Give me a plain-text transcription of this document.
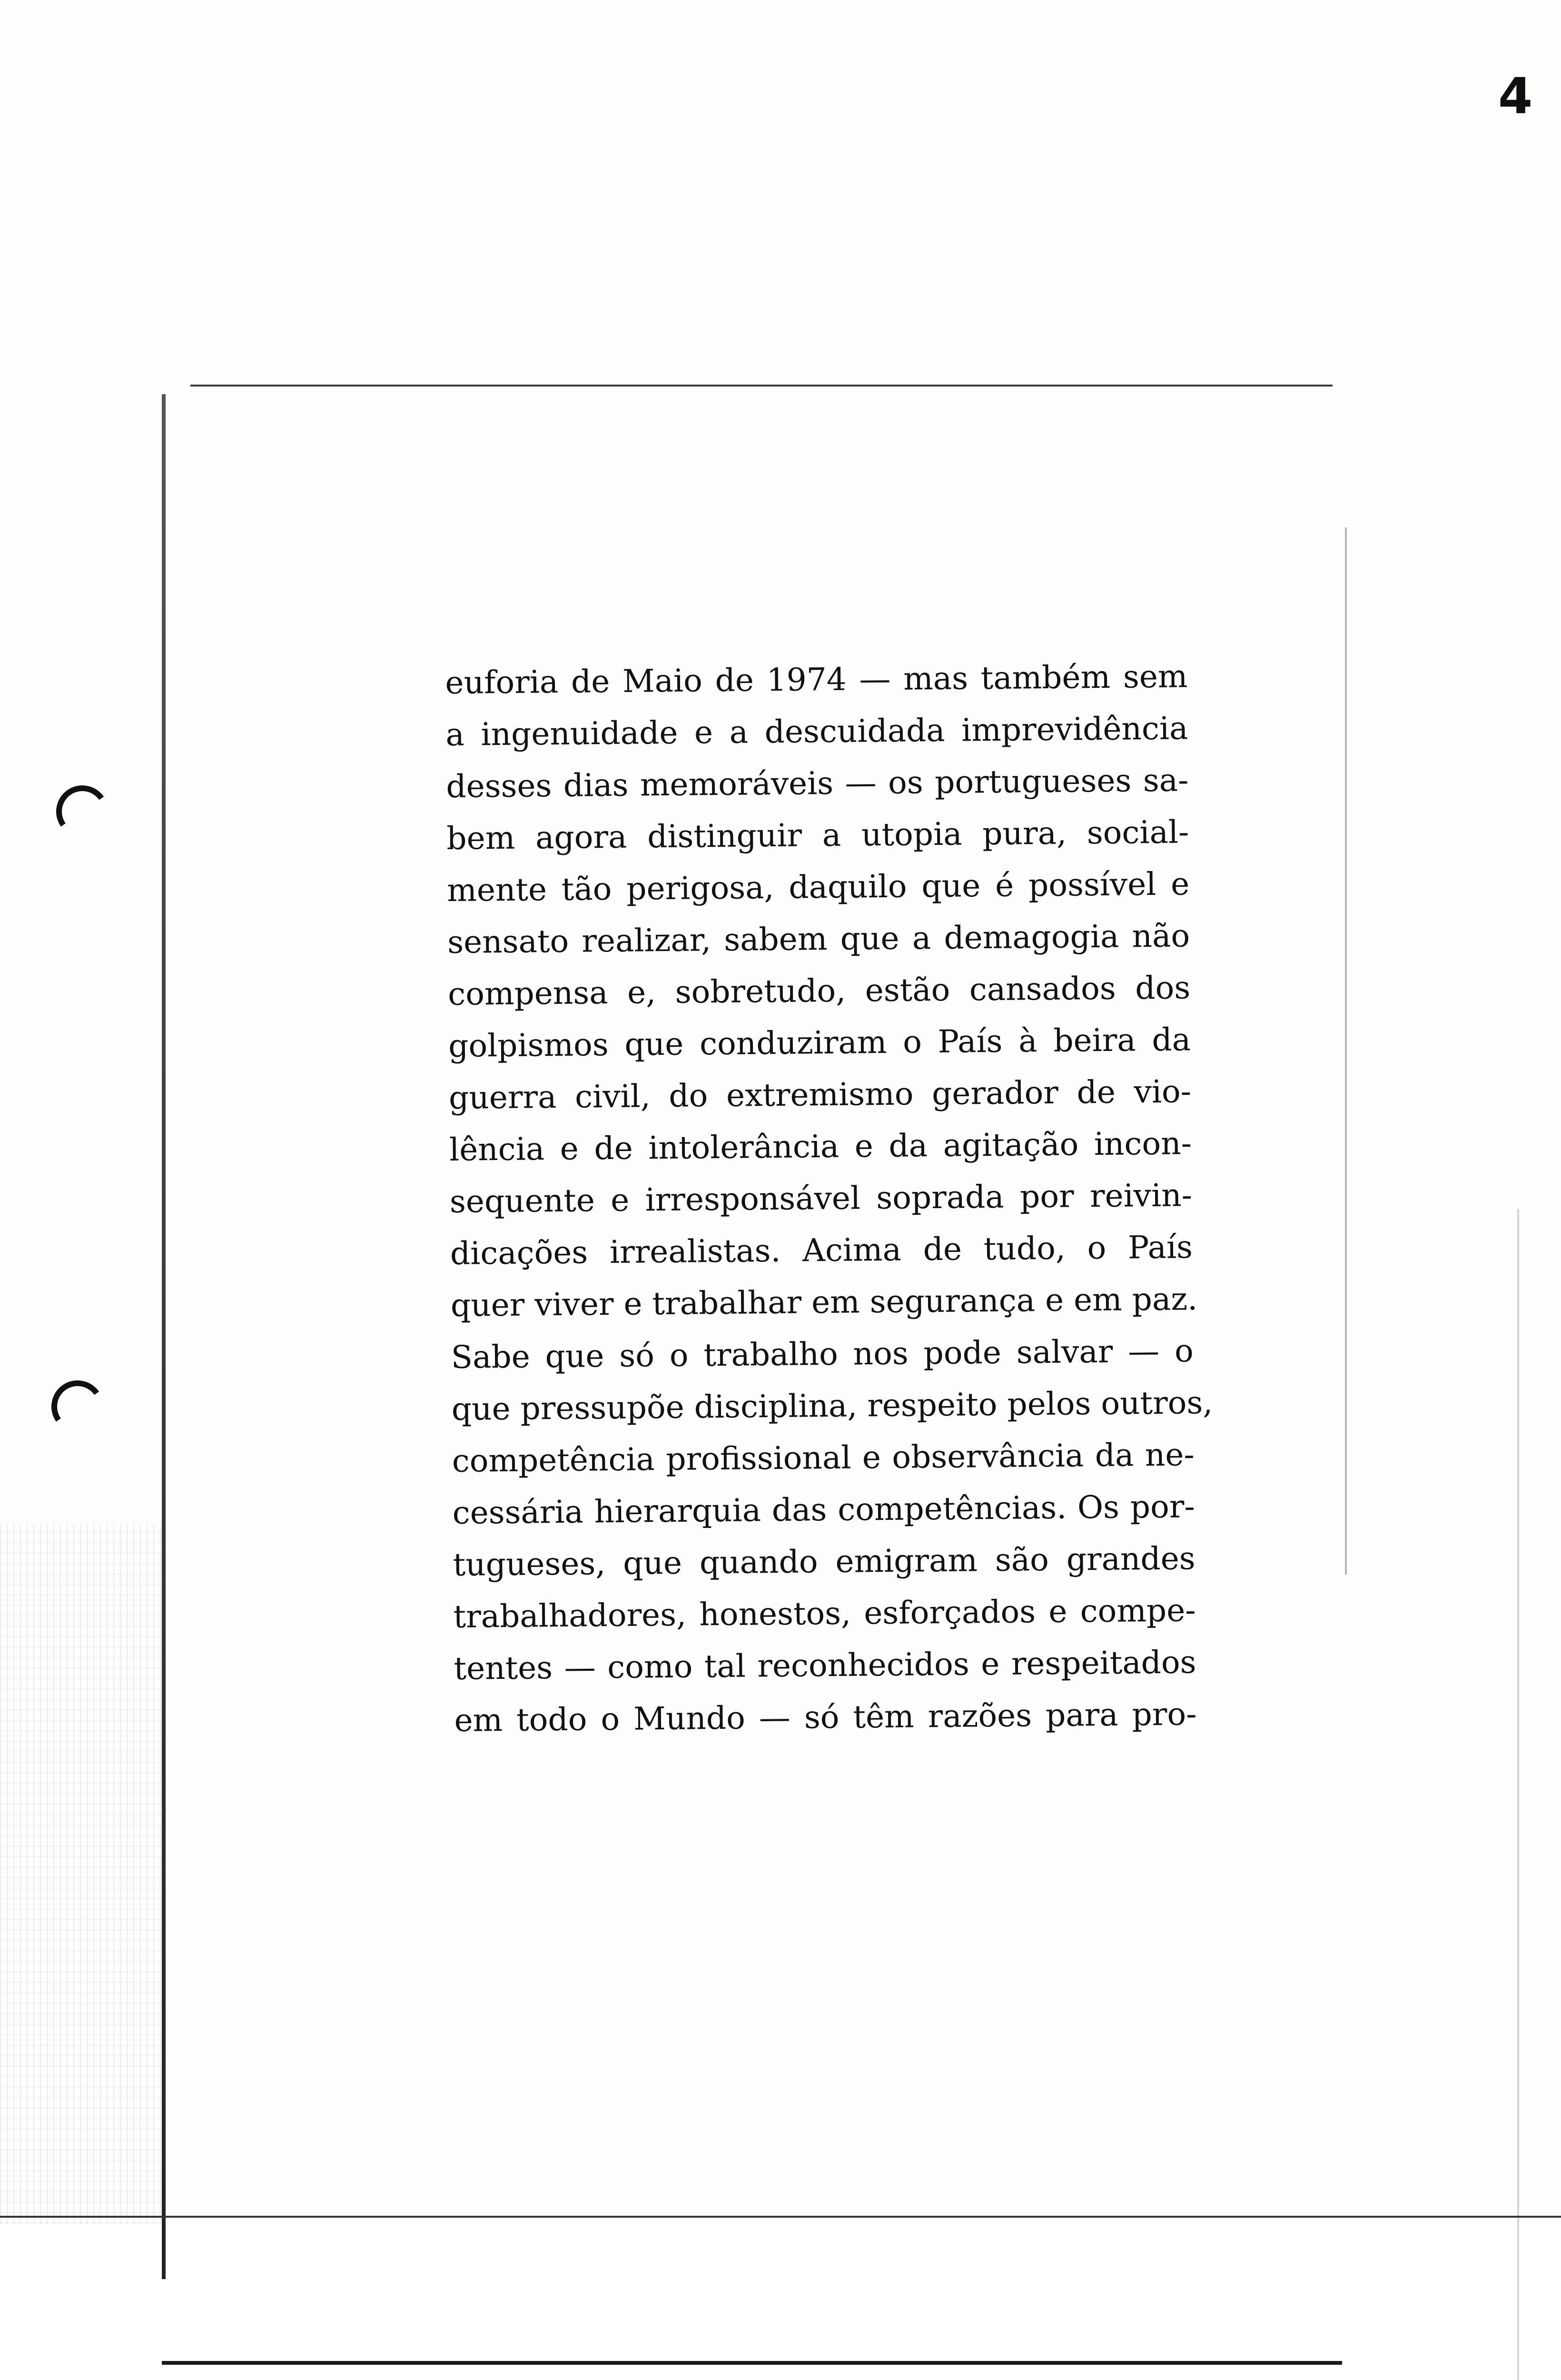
4
euforia de Maio de 1974 — mas também sem
a ingenuidade e a descuidada imprevidência
desses dias memoráveis — os portugueses sa-
bem agora distinguir a utopia pura, social-
mente tão perigosa, daquilo que é possível e
sensato realizar, sabem que a demagogia não
compensa e, sobretudo, estão cansados dos
golpismos que conduziram o País à beira da
guerra civil, do extremismo gerador de vio-
lência e de intolerância e da agitação incon-
sequente e irresponsável soprada por reivin-
dicações irrealistas. Acima de tudo, o País
quer viver e trabalhar em segurança e em paz.
Sabe que só o trabalho nos pode salvar — o
que pressupõe disciplina, respeito pelos outros,
competência profissional e observância da ne-
cessária hierarquia das competências. Os por-
tugueses, que quando emigram são grandes
trabalhadores, honestos, esforçados e compe-
tentes — como tal reconhecidos e respeitados
em todo o Mundo — só têm razões para pro-
